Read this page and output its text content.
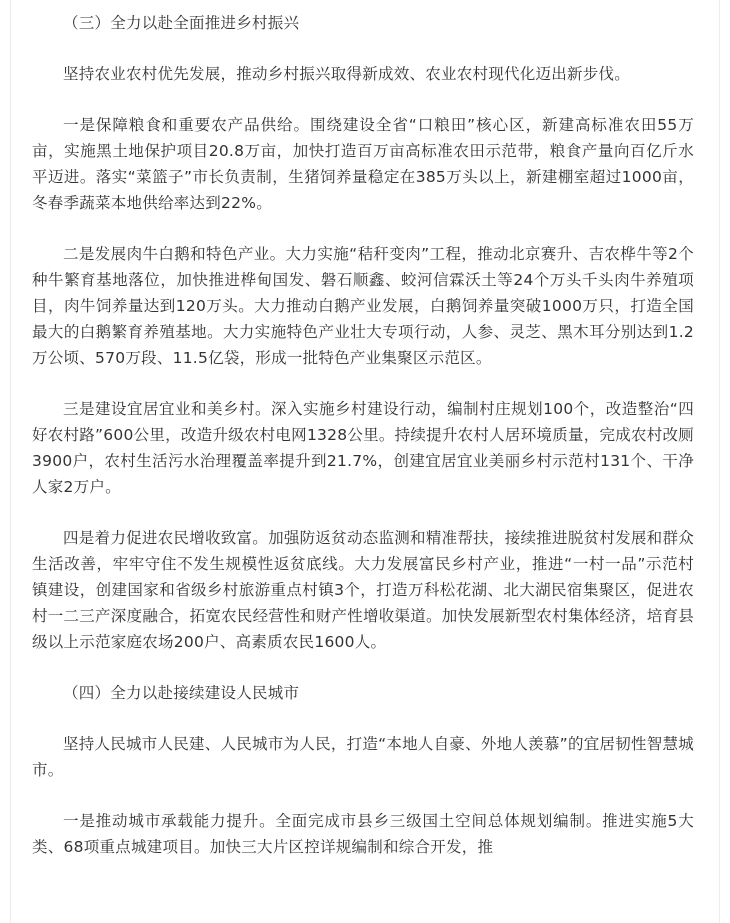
（三）全力以赴全面推进乡村振兴

坚持农业农村优先发展，推动乡村振兴取得新成效、农业农村现代化迈出新步伐。

一是保障粮食和重要农产品供给。围绕建设全省“口粮田”核心区，新建高标准农田55万亩，实施黑土地保护项目20.8万亩，加快打造百万亩高标准农田示范带，粮食产量向百亿斤水平迈进。落实“菜篮子”市长负责制，生猪饲养量稳定在385万头以上，新建棚室超过1000亩，冬春季蔬菜本地供给率达到22%。

二是发展肉牛白鹅和特色产业。大力实施“秸秆变肉”工程，推动北京赛升、吉农桦牛等2个种牛繁育基地落位，加快推进桦甸国发、磐石顺鑫、蛟河信霖沃土等24个万头千头肉牛养殖项目，肉牛饲养量达到120万头。大力推动白鹅产业发展，白鹅饲养量突破1000万只，打造全国最大的白鹅繁育养殖基地。大力实施特色产业壮大专项行动，人参、灵芝、黑木耳分别达到1.2万公顷、570万段、11.5亿袋，形成一批特色产业集聚区示范区。

三是建设宜居宜业和美乡村。深入实施乡村建设行动，编制村庄规划100个，改造整治“四好农村路”600公里，改造升级农村电网1328公里。持续提升农村人居环境质量，完成农村改厕3900户，农村生活污水治理覆盖率提升到21.7%，创建宜居宜业美丽乡村示范村131个、干净人家2万户。

四是着力促进农民增收致富。加强防返贫动态监测和精准帮扶，接续推进脱贫村发展和群众生活改善，牢牢守住不发生规模性返贫底线。大力发展富民乡村产业，推进“一村一品”示范村镇建设，创建国家和省级乡村旅游重点村镇3个，打造万科松花湖、北大湖民宿集聚区，促进农村一二三产深度融合，拓宽农民经营性和财产性增收渠道。加快发展新型农村集体经济，培育县级以上示范家庭农场200户、高素质农民1600人。

（四）全力以赴接续建设人民城市

坚持人民城市人民建、人民城市为人民，打造“本地人自豪、外地人羡慕”的宜居韧性智慧城市。

一是推动城市承载能力提升。全面完成市县乡三级国土空间总体规划编制。推进实施5大类、68项重点城建项目。加快三大片区控详规编制和综合开发，推
